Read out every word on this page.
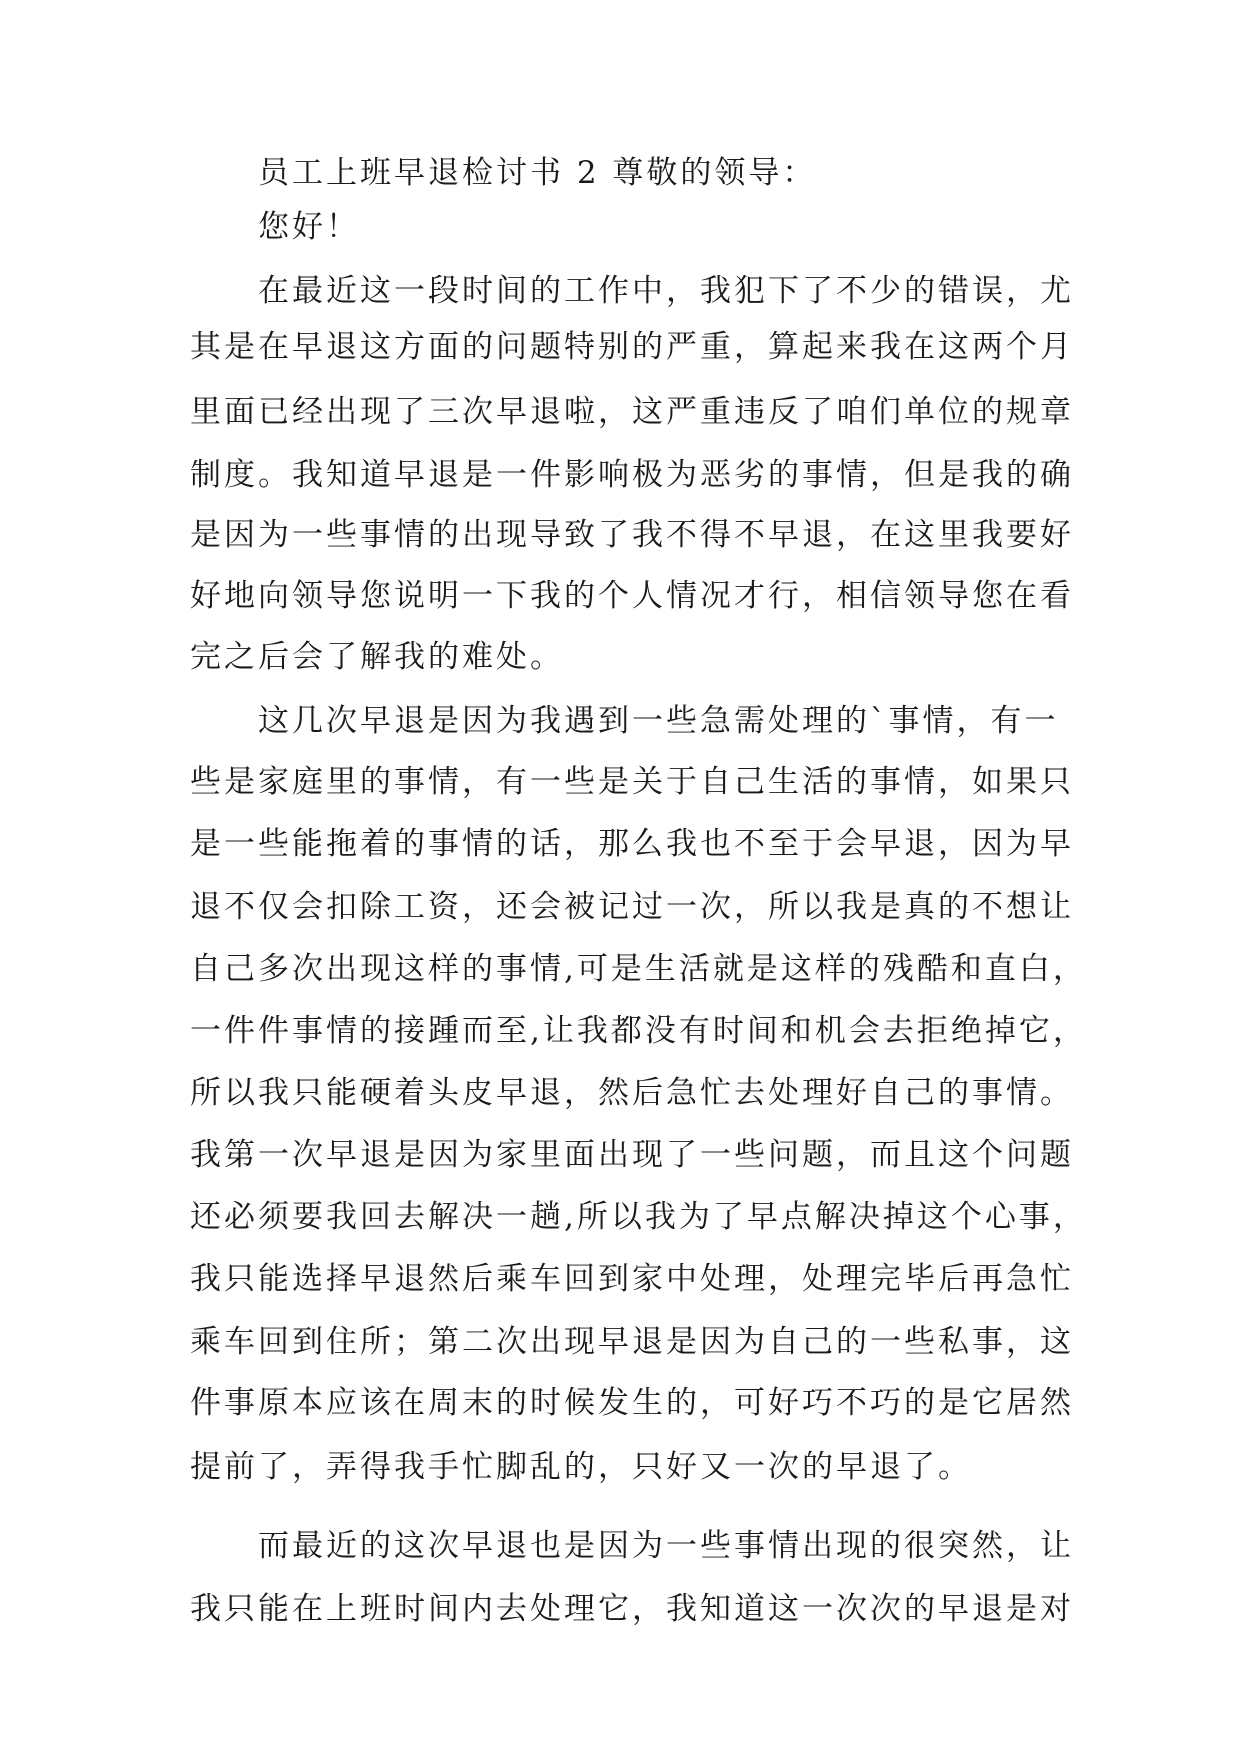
员工上班早退检讨书 2 尊敬的领导：
您好！
在最近这一段时间的工作中，我犯下了不少的错误，尤
其是在早退这方面的问题特别的严重，算起来我在这两个月
里面已经出现了三次早退啦，这严重违反了咱们单位的规章
制度。我知道早退是一件影响极为恶劣的事情，但是我的确
是因为一些事情的出现导致了我不得不早退，在这里我要好
好地向领导您说明一下我的个人情况才行，相信领导您在看
完之后会了解我的难处。
这几次早退是因为我遇到一些急需处理的`事情，有一
些是家庭里的事情，有一些是关于自己生活的事情，如果只
是一些能拖着的事情的话，那么我也不至于会早退，因为早
退不仅会扣除工资，还会被记过一次，所以我是真的不想让
自己多次出现这样的事情,可是生活就是这样的残酷和直白，
一件件事情的接踵而至,让我都没有时间和机会去拒绝掉它，
所以我只能硬着头皮早退，然后急忙去处理好自己的事情。
我第一次早退是因为家里面出现了一些问题，而且这个问题
还必须要我回去解决一趟,所以我为了早点解决掉这个心事，
我只能选择早退然后乘车回到家中处理，处理完毕后再急忙
乘车回到住所；第二次出现早退是因为自己的一些私事，这
件事原本应该在周末的时候发生的，可好巧不巧的是它居然
提前了，弄得我手忙脚乱的，只好又一次的早退了。
而最近的这次早退也是因为一些事情出现的很突然，让
我只能在上班时间内去处理它，我知道这一次次的早退是对
